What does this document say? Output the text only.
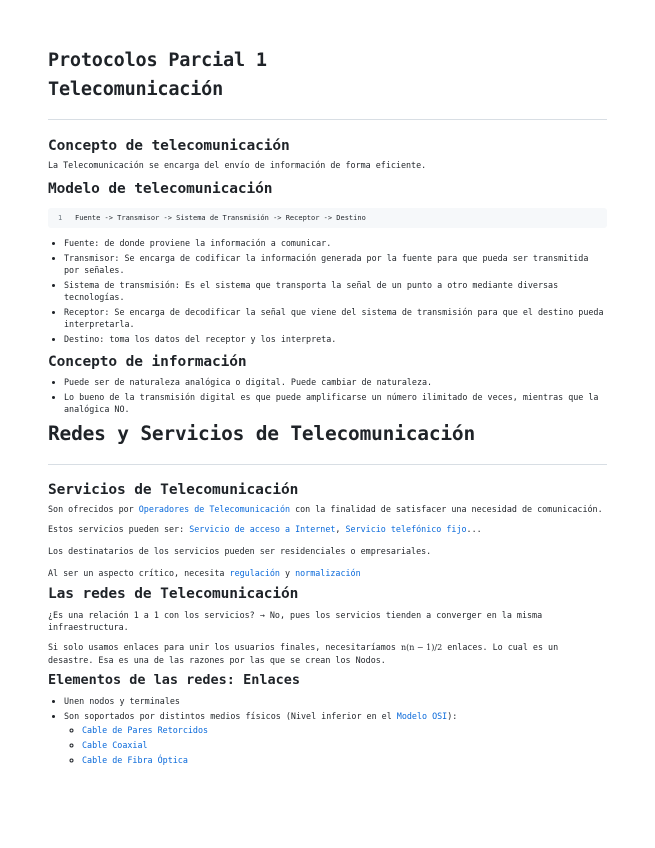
Protocolos Parcial 1
Telecomunicación
Concepto de telecomunicación

La Telecomunicación se encarga del envío de información de forma eficiente.

Modelo de telecomunicación
1 Fuente -> Transmisor -> Sistema de Transmisión -> Receptor -> Destino
• Fuente: de donde proviene la información a comunicar.
• Transmisor: Se encarga de codificar la información generada por la fuente para que pueda ser transmitida por señales.
• Sistema de transmisión: Es el sistema que transporta la señal de un punto a otro mediante diversas tecnologías.
• Receptor: Se encarga de decodificar la señal que viene del sistema de transmisión para que el destino pueda interpretarla.
• Destino: toma los datos del receptor y los interpreta.
Concepto de información
• Puede ser de naturaleza analógica o digital. Puede cambiar de naturaleza.
• Lo bueno de la transmisión digital es que puede amplificarse un número ilimitado de veces, mientras que la analógica NO.
Redes y Servicios de Telecomunicación
Servicios de Telecomunicación

Son ofrecidos por Operadores de Telecomunicación con la finalidad de satisfacer una necesidad de comunicación.

Estos servicios pueden ser: Servicio de acceso a Internet, Servicio telefónico fijo...

Los destinatarios de los servicios pueden ser residenciales o empresariales.

Al ser un aspecto crítico, necesita regulación y normalización

Las redes de Telecomunicación

¿Es una relación 1 a 1 con los servicios? → No, pues los servicios tienden a converger en la misma infraestructura.

Si solo usamos enlaces para unir los usuarios finales, necesitaríamos n(n − 1)/2 enlaces. Lo cual es un desastre. Esa es una de las razones por las que se crean los Nodos.

Elementos de las redes: Enlaces
• Unen nodos y terminales
• Son soportados por distintos medios físicos (Nivel inferior en el Modelo OSI):
◦ Cable de Pares Retorcidos
◦ Cable Coaxial
◦ Cable de Fibra Óptica
